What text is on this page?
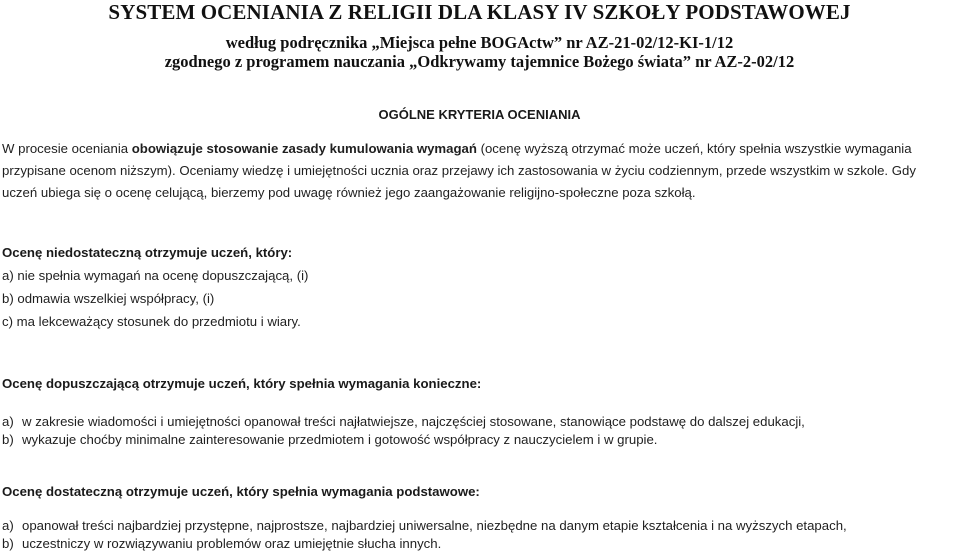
SYSTEM OCENIANIA Z RELIGII DLA KLASY IV SZKOŁY PODSTAWOWEJ
według podręcznika „Miejsca pełne BOGActw” nr AZ-21-02/12-KI-1/12
zgodnego z programem nauczania „Odkrywamy tajemnice Bożego świata” nr AZ-2-02/12
OGÓLNE KRYTERIA OCENIANIA
W procesie oceniania obowiązuje stosowanie zasady kumulowania wymagań (ocenę wyższą otrzymać może uczeń, który spełnia wszystkie wymagania
przypisane ocenom niższym). Oceniamy wiedzę i umiejętności ucznia oraz przejawy ich zastosowania w życiu codziennym, przede wszystkim w szkole. Gdy
uczeń ubiega się o ocenę celującą, bierzemy pod uwagę również jego zaangażowanie religijno-społeczne poza szkołą.
Ocenę niedostateczną otrzymuje uczeń, który:
a) nie spełnia wymagań na ocenę dopuszczającą, (i)
b) odmawia wszelkiej współpracy, (i)
c) ma lekceważący stosunek do przedmiotu i wiary.
Ocenę dopuszczającą otrzymuje uczeń, który spełnia wymagania konieczne:
a) w zakresie wiadomości i umiejętności opanował treści najłatwiejsze, najczęściej stosowane, stanowiące podstawę do dalszej edukacji,
b) wykazuje choćby minimalne zainteresowanie przedmiotem i gotowość współpracy z nauczycielem i w grupie.
Ocenę dostateczną otrzymuje uczeń, który spełnia wymagania podstawowe:
a) opanował treści najbardziej przystępne, najprostsze, najbardziej uniwersalne, niezbędne na danym etapie kształcenia i na wyższych etapach,
b) uczestniczy w rozwiązywaniu problemów oraz umiejętnie słucha innych.
